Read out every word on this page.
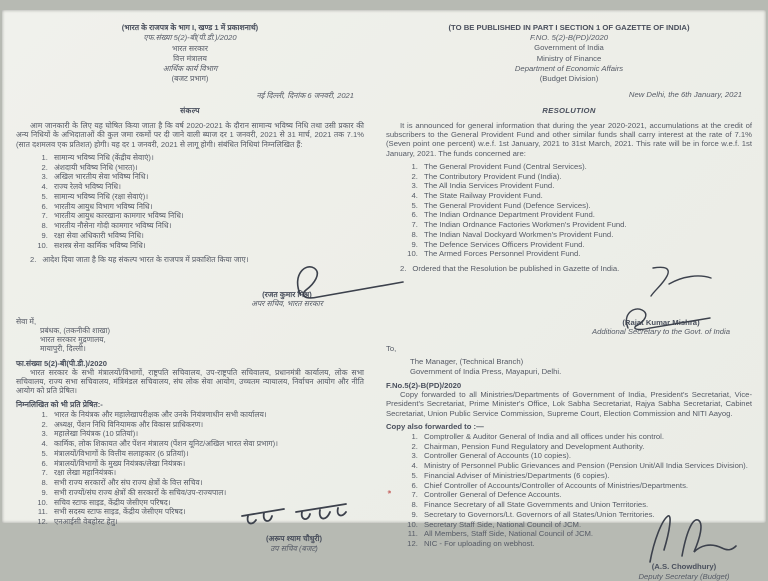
(भारत के राजपत्र के भाग I, खण्ड 1 में प्रकाशनार्थ)
एफ.संख्या 5(2)-बी(पी.डी.)/2020
भारत सरकार
वित्त मंत्रालय
आर्थिक कार्य विभाग
(बजट प्रभाग)
नई दिल्ली, दिनांक 6 जनवरी, 2021
संकल्प
आम जानकारी के लिए यह घोषित किया जाता है कि वर्ष 2020-2021 के दौरान सामान्य भविष्य निधि तथा उसी प्रकार की अन्य निधियों के अभिदाताओं की कुल जमा रकमों पर दी जाने वाली ब्याज दर 1 जनवरी, 2021 से 31 मार्च, 2021 तक 7.1% (सात दशमलव एक प्रतिशत) होगी। यह दर 1 जनवरी, 2021 से लागू होगी। संबंधित निधियां निम्नलिखित हैं:
1. सामान्य भविष्य निधि (केंद्रीय सेवाएं)।
2. अंशदायी भविष्य निधि (भारत)।
3. अखिल भारतीय सेवा भविष्य निधि।
4. राज्य रेलवे भविष्य निधि।
5. सामान्य भविष्य निधि (रक्षा सेवाएं)।
6. भारतीय आयुध विभाग भविष्य निधि।
7. भारतीय आयुध कारखाना कामगार भविष्य निधि।
8. भारतीय नौसेना गोदी कामगार भविष्य निधि।
9. रक्षा सेवा अधिकारी भविष्य निधि।
10. सशस्त्र सेना कार्मिक भविष्य निधि।
2. आदेश दिया जाता है कि यह संकल्प भारत के राजपत्र में प्रकाशित किया जाए।
(रजत कुमार मिश्र)
अपर सचिव, भारत सरकार
सेवा में,
प्रबंधक, (तकनीकी शाखा)
भारत सरकार मुद्रणालय,
मायापुरी, दिल्ली।
फा.संख्या 5(2)-बी(पी.डी.)/2020
भारत सरकार के सभी मंत्रालयों/विभागों, राष्ट्रपति सचिवालय, उप-राष्ट्रपति सचिवालय, प्रधानमंत्री कार्यालय, लोक सभा सचिवालय, राज्य सभा सचिवालय, मंत्रिमंडल सचिवालय, संघ लोक सेवा आयोग, उच्चतम न्यायालय, निर्वाचन आयोग और नीति आयोग को प्रति प्रेषित।
निम्नलिखित को भी प्रति प्रेषित:-
1. भारत के नियंत्रक और महालेखापरीक्षक और उनके नियंत्रणाधीन सभी कार्यालय।
2. अध्यक्ष, पेंशन निधि विनियामक और विकास प्राधिकरण।
3. महालेखा नियंत्रक (10 प्रतियां)।
4. कार्मिक, लोक शिकायत और पेंशन मंत्रालय (पेंशन यूनिट/अखिल भारत सेवा प्रभाग)।
5. मंत्रालयों/विभागों के वित्तीय सलाहकार (6 प्रतियां)।
6. मंत्रालयों/विभागों के मुख्य नियंत्रक/लेखा नियंत्रक।
7. रक्षा लेखा महानियंत्रक।
8. सभी राज्य सरकारों और संघ राज्य क्षेत्रों के वित्त सचिव।
9. सभी राज्यों/संघ राज्य क्षेत्रों की सरकारों के सचिव/उप-राज्यपाल।
10. सचिव स्टाफ साइड, केंद्रीय जेसीएम परिषद।
11. सभी सदस्य स्टाफ साइड, केंद्रीय जेसीएम परिषद।
12. एनआईसी वेबहोस्ट हेतु।
(अरूप श्याम चौधुरी)
उप सचिव (बजट)
(TO BE PUBLISHED IN PART I SECTION 1 OF GAZETTE OF INDIA)
F.NO. 5(2)-B(PD)/2020
Government of India
Ministry of Finance
Department of Economic Affairs
(Budget Division)
New Delhi, the 6th January, 2021
RESOLUTION
It is announced for general information that during the year 2020-2021, accumulations at the credit of subscribers to the General Provident Fund and other similar funds shall carry interest at the rate of 7.1% (Seven point one percent) w.e.f. 1st January, 2021 to 31st March, 2021. This rate will be in force w.e.f. 1st January, 2021. The funds concerned are:
1. The General Provident Fund (Central Services).
2. The Contributory Provident Fund (India).
3. The All India Services Provident Fund.
4. The State Railway Provident Fund.
5. The General Provident Fund (Defence Services).
6. The Indian Ordnance Department Provident Fund.
7. The Indian Ordnance Factories Workmen's Provident Fund.
8. The Indian Naval Dockyard Workmen's Provident Fund.
9. The Defence Services Officers Provident Fund.
10. The Armed Forces Personnel Provident Fund.
2. Ordered that the Resolution be published in Gazette of India.
(Rajat Kumar Mishra)
Additional Secretary to the Govt. of India
To,
The Manager, (Technical Branch)
Government of India Press, Mayapuri, Delhi.
F.No.5(2)-B(PD)/2020
Copy forwarded to all Ministries/Departments of Government of India, President's Secretariat, Vice-President's Secretariat, Prime Minister's Office, Lok Sabha Secretariat, Rajya Sabha Secretariat, Cabinet Secretariat, Union Public Service Commission, Supreme Court, Election Commission and NITI Aayog.
Copy also forwarded to :—
1. Comptroller & Auditor General of India and all offices under his control.
2. Chairman, Pension Fund Regulatory and Development Authority.
3. Controller General of Accounts (10 copies).
4. Ministry of Personnel Public Grievances and Pension (Pension Unit/All India Services Division).
5. Financial Adviser of Ministries/Departments (6 copies).
6. Chief Controller of Accounts/Controller of Accounts of Ministries/Departments.
7. Controller General of Defence Accounts.
8. Finance Secretary of all State Governments and Union Territories.
9. Secretary to Governors/Lt. Governors of all States/Union Territories.
10. Secretary Staff Side, National Council of JCM.
11. All Members, Staff Side, National Council of JCM.
12. NIC - For uploading on webhost.
(A.S. Chowdhury)
Deputy Secretary (Budget)
*
